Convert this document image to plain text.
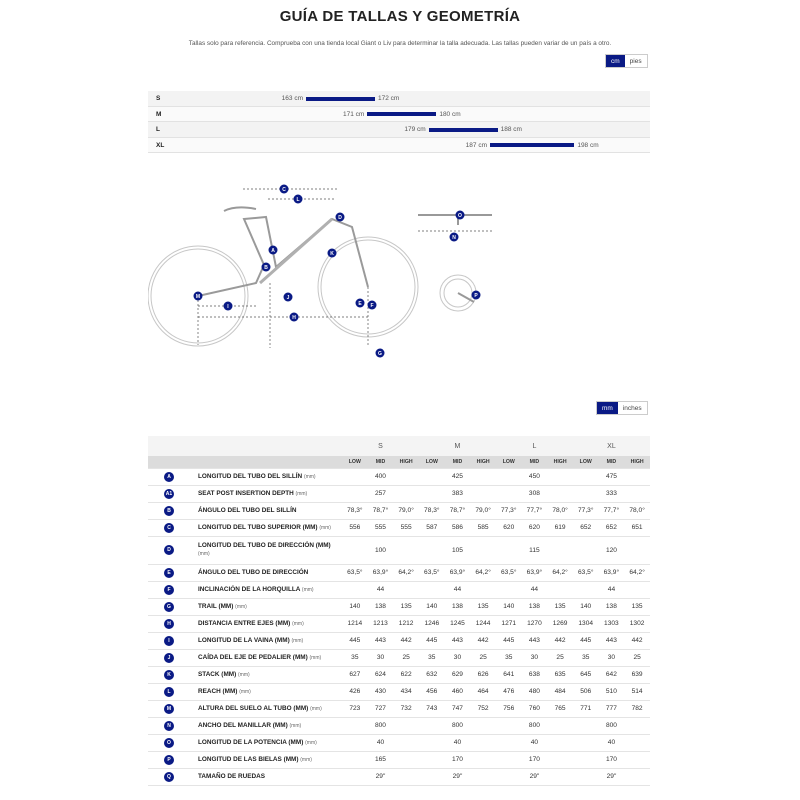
GUÍA DE TALLAS Y GEOMETRÍA
Tallas solo para referencia. Comprueba con una tienda local Giant o Liv para determinar la talla adecuada. Las tallas pueden variar de un país a otro.
cm	pies
S	163 cm	172 cm
M	171 cm	180 cm
L	179 cm	188 cm
XL	187 cm	198 cm
A
B
C
D
E F
G
H
I
J
K
L
M
N
O
P
mm	inches
		S			M			L			XL		
		LOW	MID	HIGH	LOW	MID	HIGH	LOW	MID	HIGH	LOW	MID	HIGH
A	LONGITUD DEL TUBO DEL SILLÍN (mm)	400			425			450			475		
A1	SEAT POST INSERTION DEPTH (mm)	257			383			308			333		
B	ÁNGULO DEL TUBO DEL SILLÍN	78,3°	78,7°	79,0°	78,3°	78,7°	79,0°	77,3°	77,7°	78,0°	77,3°	77,7°	78,0°
C	LONGITUD DEL TUBO SUPERIOR (MM) (mm)	556	555	555	587	586	585	620	620	619	652	652	651
D	LONGITUD DEL TUBO DE DIRECCIÓN (MM) (mm)	100			105			115			120		
E	ÁNGULO DEL TUBO DE DIRECCIÓN	63,5°	63,9°	64,2°	63,5°	63,9°	64,2°	63,5°	63,9°	64,2°	63,5°	63,9°	64,2°
F	INCLINACIÓN DE LA HORQUILLA (mm)	44			44			44			44		
G	TRAIL (MM) (mm)	140	138	135	140	138	135	140	138	135	140	138	135
H	DISTANCIA ENTRE EJES (MM) (mm)	1214	1213	1212	1246	1245	1244	1271	1270	1269	1304	1303	1302
I	LONGITUD DE LA VAINA (MM) (mm)	445	443	442	445	443	442	445	443	442	445	443	442
J	CAÍDA DEL EJE DE PEDALIER (MM) (mm)	35	30	25	35	30	25	35	30	25	35	30	25
K	STACK (MM) (mm)	627	624	622	632	629	626	641	638	635	645	642	639
L	REACH (MM) (mm)	426	430	434	456	460	464	476	480	484	506	510	514
M	ALTURA DEL SUELO AL TUBO (MM) (mm)	723	727	732	743	747	752	756	760	765	771	777	782
N	ANCHO DEL MANILLAR (MM) (mm)	800			800			800			800		
O	LONGITUD DE LA POTENCIA (MM) (mm)	40			40			40			40		
P	LONGITUD DE LAS BIELAS (MM) (mm)	165			170			170			170		
Q	TAMAÑO DE RUEDAS	29"			29"			29"			29"		
